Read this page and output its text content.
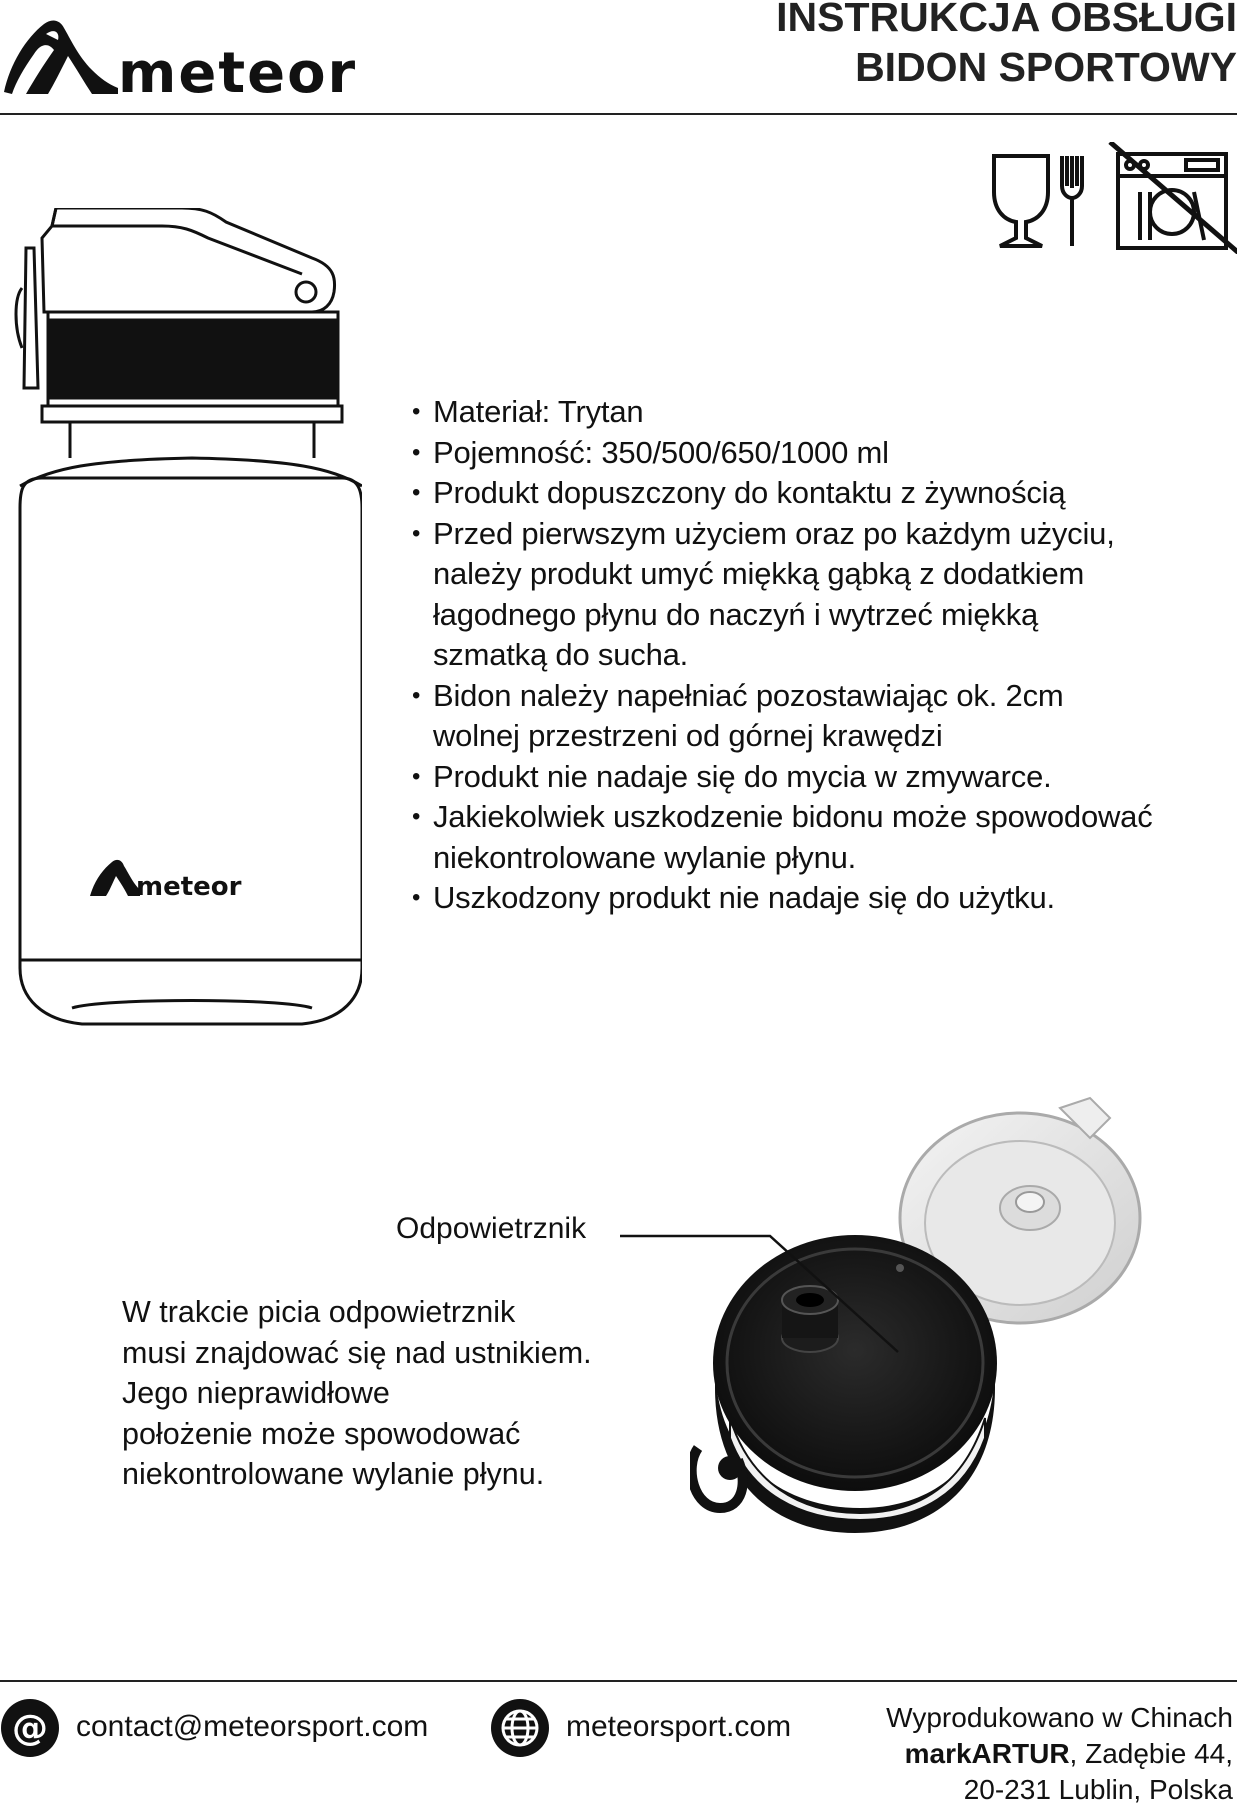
meteor
INSTRUKCJA OBSŁUGI
BIDON SPORTOWY
meteor
• Materiał: Trytan
• Pojemność: 350/500/650/1000 ml
• Produkt dopuszczony do kontaktu z żywnością
• Przed pierwszym użyciem oraz po każdym użyciu,
należy produkt umyć miękką gąbką z dodatkiem
łagodnego płynu do naczyń i wytrzeć miękką
szmatką do sucha.
• Bidon należy napełniać pozostawiając ok. 2cm
wolnej przestrzeni od górnej krawędzi
• Produkt nie nadaje się do mycia w zmywarce.
• Jakiekolwiek uszkodzenie bidonu może spowodować
niekontrolowane wylanie płynu.
• Uszkodzony produkt nie nadaje się do użytku.
Odpowietrznik
W trakcie picia odpowietrznik
musi znajdować się nad ustnikiem.
Jego nieprawidłowe
położenie może spowodować
niekontrolowane wylanie płynu.
@ contact@meteorsport.com	meteorsport.com	Wyprodukowano w Chinach
markARTUR, Zadębie 44,
20-231 Lublin, Polska
